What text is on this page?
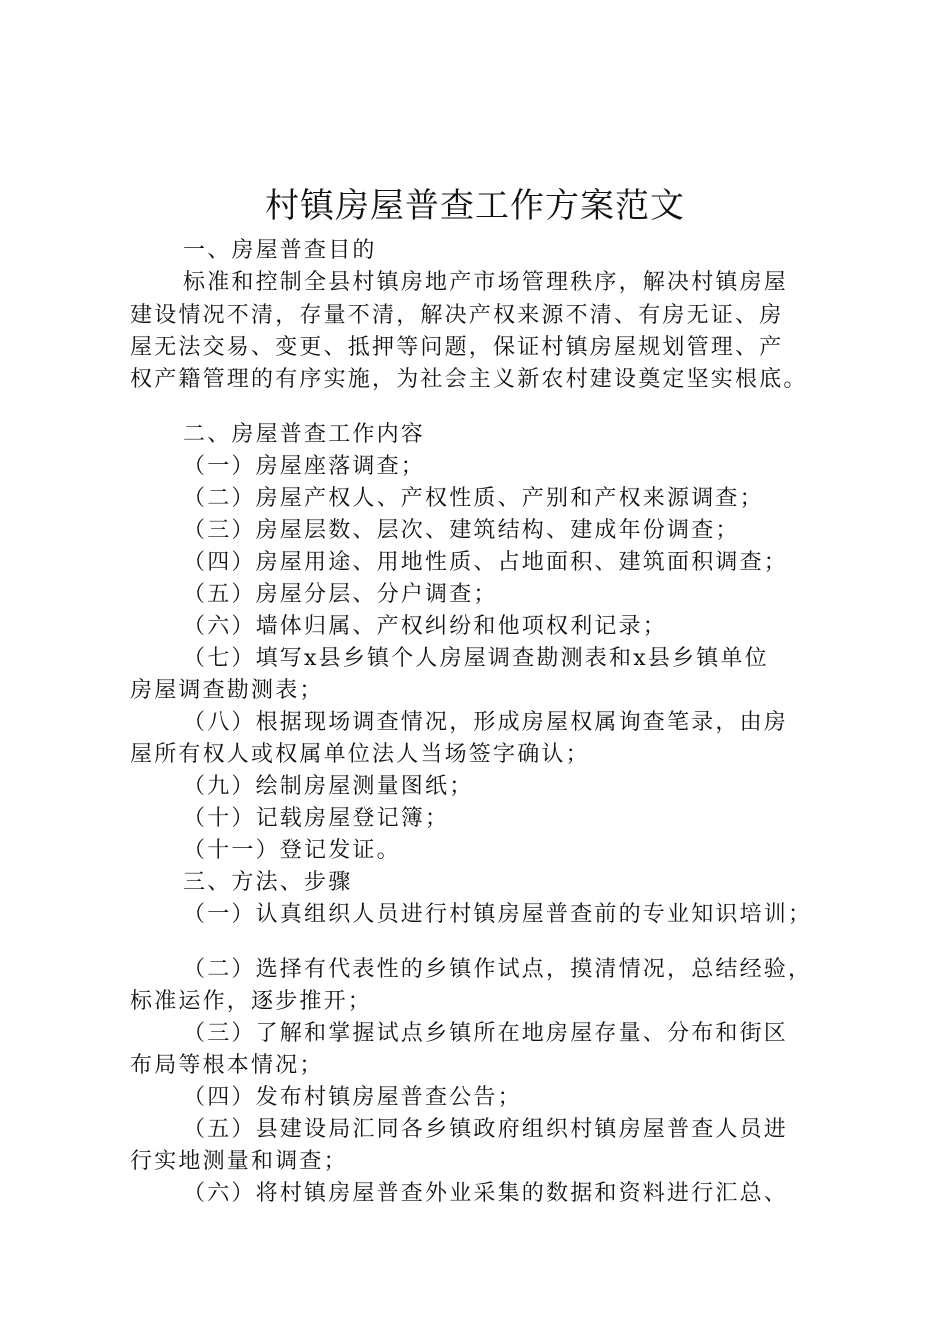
村镇房屋普查工作方案范文
一、房屋普查目的
标准和控制全县村镇房地产市场管理秩序，解决村镇房屋
建设情况不清，存量不清，解决产权来源不清、有房无证、房
屋无法交易、变更、抵押等问题，保证村镇房屋规划管理、产
权产籍管理的有序实施，为社会主义新农村建设奠定坚实根底。
二、房屋普查工作内容
（一）房屋座落调查；
（二）房屋产权人、产权性质、产别和产权来源调查；
（三）房屋层数、层次、建筑结构、建成年份调查；
（四）房屋用途、用地性质、占地面积、建筑面积调查；
（五）房屋分层、分户调查；
（六）墙体归属、产权纠纷和他项权利记录；
（七）填写x县乡镇个人房屋调查勘测表和x县乡镇单位
房屋调查勘测表；
（八）根据现场调查情况，形成房屋权属询查笔录，由房
屋所有权人或权属单位法人当场签字确认；
（九）绘制房屋测量图纸；
（十）记载房屋登记簿；
（十一）登记发证。
三、方法、步骤
（一）认真组织人员进行村镇房屋普查前的专业知识培训；
（二）选择有代表性的乡镇作试点，摸清情况，总结经验，
标准运作，逐步推开；
（三）了解和掌握试点乡镇所在地房屋存量、分布和街区
布局等根本情况；
（四）发布村镇房屋普查公告；
（五）县建设局汇同各乡镇政府组织村镇房屋普查人员进
行实地测量和调查；
（六）将村镇房屋普查外业采集的数据和资料进行汇总、
